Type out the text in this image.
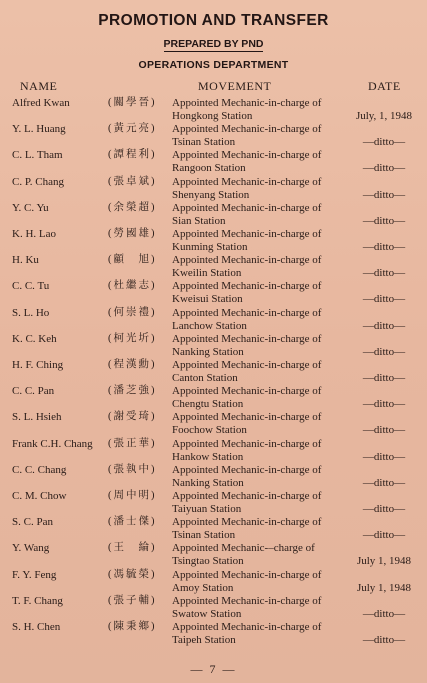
PROMOTION AND TRANSFER
PREPARED BY PND
OPERATIONS DEPARTMENT
NAME	MOVEMENT	DATE
Alfred Kwan	(關學晉) Appointed Mechanic-in-charge of
Hongkong Station	July, 1, 1948
Y. L. Huang	(黃元亮) Appointed Mechanic-in-charge of
Tsinan Station	—ditto—
C. L. Tham	(譚程利) Appointed Mechanic-in-charge of
Rangoon Station	—ditto—
C. P. Chang	(張卓斌) Appointed Mechanic-in-charge of
Shenyang Station	—ditto—
Y. C. Yu	(余榮超) Appointed Mechanic-in-charge of
Sian Station	—ditto—
K. H. Lao	(勞國雄) Appointed Mechanic-in-charge of
Kunming Station	—ditto—
H. Ku	(顧　旭) Appointed Mechanic-in-charge of
Kweilin Station	—ditto—
C. C. Tu	(杜繼志) Appointed Mechanic-in-charge of
Kweisui Station	—ditto—
S. L. Ho	(何崇禮) Appointed Mechanic-in-charge of
Lanchow Station	—ditto—
K. C. Keh	(柯光圻) Appointed Mechanic-in-charge of
Nanking Station	—ditto—
H. F. Ching	(程漢勳) Appointed Mechanic-in-charge of
Canton Station	—ditto—
C. C. Pan	(潘芝強) Appointed Mechanic-in-charge of
Chengtu Station	—ditto—
S. L. Hsieh	(謝受琦) Appointed Mechanic-in-charge of
Foochow Station	—ditto—
Frank C.H. Chang (張正華) Appointed Mechanic-in-charge of
Hankow Station	—ditto—
C. C. Chang	(張執中) Appointed Mechanic-in-charge of
Nanking Station	—ditto—
C. M. Chow	(周中明) Appointed Mechanic-in-charge of
Taiyuan Station	—ditto—
S. C. Pan	(潘士傑) Appointed Mechanic-in-charge of
Tsinan Station	—ditto—
Y. Wang	(王　綸) Appointed Mechanic-–charge of
Tsingtao Station	July 1, 1948
F. Y. Feng	(馮毓榮) Appointed Mechanic-in-charge of
Amoy Station	July 1, 1948
T. F. Chang	(張子輔) Appointed Mechanic-in-charge of
Swatow Station	—ditto—
S. H. Chen	(陳秉鄉) Appointed Mechanic-in-charge of
Taipeh Station	—ditto—
— 7 —
